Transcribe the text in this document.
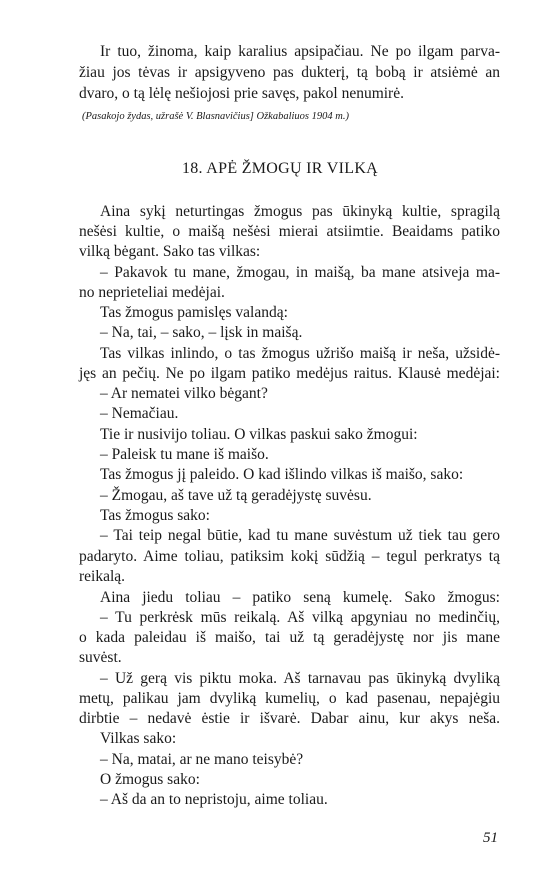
Ir tuo, žinoma, kaip karalius apsipačiau. Ne po ilgam parva-
žiau jos tėvas ir apsigyveno pas dukterį, tą bobą ir atsiėmė an
dvaro, o tą lėlę nešiojosi prie savęs, pakol nenumirė.
(Pasakojo žydas, užrašė V. Blasnavičius] Ožkabaliuos 1904 m.)
18. APĖ ŽMOGŲ IR VILKĄ
Aina sykį neturtingas žmogus pas ūkinyką kultie, spragilą
nešėsi kultie, o maišą nešėsi mierai atsiimtie. Beaidams patiko
vilką bėgant. Sako tas vilkas:
– Pakavok tu mane, žmogau, in maišą, ba mane atsiveja ma-
no neprieteliai medėjai.
Tas žmogus pamislęs valandą:
– Na, tai, – sako, – lįsk in maišą.
Tas vilkas inlindo, o tas žmogus užrišo maišą ir neša, užsidė-
jęs an pečių. Ne po ilgam patiko medėjus raitus. Klausė medėjai:
– Ar nematei vilko bėgant?
– Nemačiau.
Tie ir nusivijo toliau. O vilkas paskui sako žmogui:
– Paleisk tu mane iš maišo.
Tas žmogus jį paleido. O kad išlindo vilkas iš maišo, sako:
– Žmogau, aš tave už tą geradėjystę suvėsu.
Tas žmogus sako:
– Tai teip negal būtie, kad tu mane suvėstum už tiek tau gero
padaryto. Aime toliau, patiksim kokį sūdžią – tegul perkratys tą
reikalą.
Aina jiedu toliau – patiko seną kumelę. Sako žmogus:
– Tu perkrėsk mūs reikalą. Aš vilką apgyniau no medinčių,
o kada paleidau iš maišo, tai už tą geradėjystę nor jis mane
suvėst.
– Už gerą vis piktu moka. Aš tarnavau pas ūkinyką dvyliką
metų, palikau jam dvyliką kumelių, o kad pasenau, nepajėgiu
dirbtie – nedavė ėstie ir išvarė. Dabar ainu, kur akys neša.
Vilkas sako:
– Na, matai, ar ne mano teisybė?
O žmogus sako:
– Aš da an to nepristoju, aime toliau.
51
